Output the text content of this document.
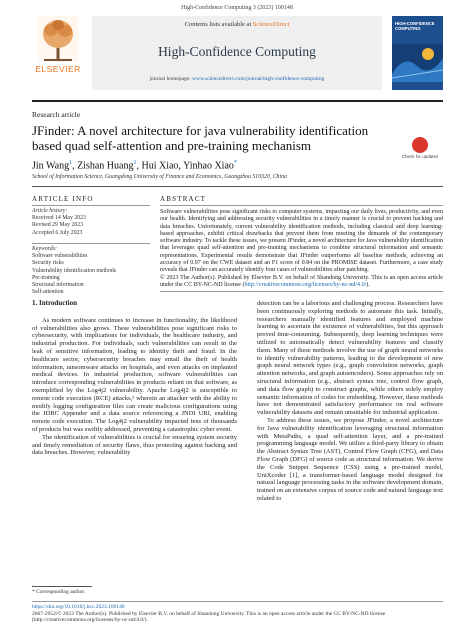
High-Confidence Computing 3 (2023) 100148
ELSEVIER
Contents lists available at ScienceDirect
High-Confidence Computing
journal homepage: www.sciencedirect.com/journal/high-confidence-computing
HIGH-CONFIDENCE COMPUTING
Research article
JFinder: A novel architecture for java vulnerability identification based quad self-attention and pre-training mechanism
Jin Wang$^1$, Zishan Huang$^1$, Hui Xiao, Yinhao Xiao*
School of Information Science, Guangdong University of Finance and Economics, Guangzhou 510320, China
Check for updates
ARTICLE INFO
Article history:
Received 14 May 2023
Revised 29 May 2023
Accepted 6 July 2023
Keywords:
Software vulnerabilities
Security risks
Vulnerability identification methods
Pre-training
Structural information
Self-attention
ABSTRACT
Software vulnerabilities pose significant risks to computer systems, impacting our daily lives, productivity, and even our health. Identifying and addressing security vulnerabilities in a timely manner is crucial to prevent hacking and data breaches. Unfortunately, current vulnerability identification methods, including classical and deep learning-based approaches, exhibit critical drawbacks that prevent them from meeting the demands of the contemporary software industry. To tackle these issues, we present JFinder, a novel architecture for Java vulnerability identification that leverages quad self-attention and pre-training mechanisms to combine structural information and semantic representations. Experimental results demonstrate that JFinder outperforms all baseline methods, achieving an accuracy of 0.97 on the CWE dataset and an F1 score of 0.84 on the PROMISE dataset. Furthermore, a case study reveals that JFinder can accurately identify four cases of vulnerabilities after patching.
© 2023 The Author(s). Published by Elsevier B.V. on behalf of Shandong University. This is an open access article under the CC BY-NC-ND license (http://creativecommons.org/licenses/by-nc-nd/4.0/).
1. Introduction

As modern software continues to increase in functionality, the likelihood of vulnerabilities also grows. These vulnerabilities pose significant risks to cybersecurity, with implications for individuals, the healthcare industry, and industrial production. For individuals, such vulnerabilities can result in the leak of sensitive information, leading to identity theft and fraud. In the healthcare sector, cybersecurity breaches may entail the theft of health information, ransomware attacks on hospitals, and even attacks on implanted medical devices. In industrial production, software vulnerabilities can introduce corresponding vulnerabilities in products reliant on that software, as exemplified by the Log4j2 vulnerability. Apache Log4j2 is susceptible to remote code execution (RCE) attacks,² wherein an attacker with the ability to modify logging configuration files can create malicious configurations using the JDBC Appender and a data source referencing a JNDI URI, enabling remote code execution. The Log4j2 vulnerability impacted tens of thousands of products but was swiftly addressed, preventing a catastrophic cyber event.

The identification of vulnerabilities is crucial for ensuring system security and timely remediation of security flaws, thus protecting against hacking and data breaches. However, vulnerability

detection can be a laborious and challenging process. Researchers have been continuously exploring methods to automate this task. Initially, researchers manually identified features and employed machine learning to ascertain the existence of vulnerabilities, but this approach proved time-consuming. Subsequently, deep learning techniques were utilized to automatically detect vulnerability features and classify them. Many of these methods involve the use of graph neural networks to identify vulnerability patterns, leading to the development of new graph neural network types (e.g., graph convolution networks, graph attention networks, and graph autoencoders). Some approaches rely on structural information (e.g., abstract syntax tree, control flow graph, and data flow graph) to construct graphs, while others solely employ semantic information of codes for embedding. However, these methods have not demonstrated satisfactory performance on real software vulnerability datasets and remain unsuitable for industrial application.

To address these issues, we propose JFinder, a novel architecture for Java vulnerability identification leveraging structural information with MetaPaths, a quad self-attention layer, and a pre-trained programming language model. We utilize a third-party library to obtain the Abstract Syntax Tree (AST), Control Flow Graph (CFG), and Data Flow Graph (DFG) of source code as structural information. We derive the Code Snippet Sequence (CSS) using a pre-trained model, UniXcoder [1], a transformer-based language model designed for natural language processing tasks in the software development domain, trained on an extensive corpus of source code and natural language text related to

* Corresponding author.
https://doi.org/10.1016/j.hcc.2023.100148
2667-2952/© 2023 The Author(s). Published by Elsevier B.V. on behalf of Shandong University. This is an open access article under the CC BY-NC-ND license (http://creativecommons.org/licenses/by-nc-nd/4.0/).
